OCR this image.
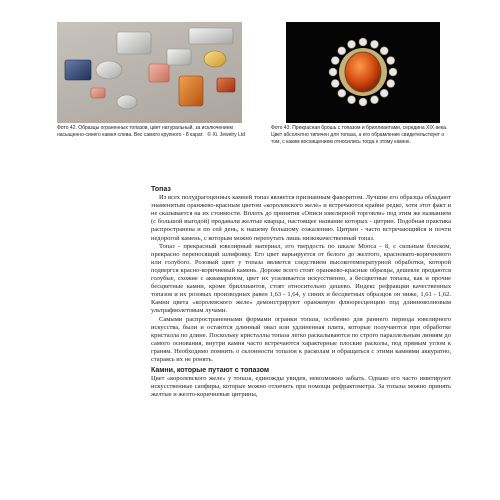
Фото 42. Образцы ограненных топазов, цвет натуральный, за исключением насыщенно-синего камня слева. Вес самого крупного - 8 карат. © Xi. Jewelry Ltd
Фото 43. Прекрасная брошь с топазом и бриллиантами, середина XIX века. Цвет абсолютно типичен для топаза, а его обрамление свидетельствует о том, с каким восхищением относились тогда к этому камню.
Топаз

Из всех полудрагоценных камней топаз является признанным фаворитом. Лучшие его образцы обладают знаменитым оранжево-красным цветом «королевского желе» и встречаются крайне редко, хотя этот факт и не сказывается на их стоимости. Вплоть до принятия «Описи ювелирной торговли» под этим же названием (с большой выгодой) продавали желтые кварцы, настоящее название которых - цитрин. Подобная практика распространена и по сей день, к нашему большому сожалению. Цитрин - часто встречающийся и почти недорогой камень, с которым можно перепутать лишь низкокачественный топаз.

Топаз - прекрасный ювелирный материал, его твердость по шкале Мооса - 8, с сильным блеском, прекрасно переносящий шлифовку. Его цвет варьируется от белого до желтого, красновато-коричневого или голубого. Розовый цвет у топаза является следствием высокотемпературной обработки, которой подвергся красно-коричневый камень. Дороже всего стоят оранжево-красные образцы, дешевле продаются голубые, схожие с аквамарином, цвет их усиливается искусственно, а бесцветные топазы, как и прочие бесцветные камни, кроме бриллиантов, стоят относительно дешево. Индекс рефракции качественных топазов и их розовых производных равен 1,63 - 1,64, у синих и бесцветных образцов он ниже, 1,61 - 1,62. Камни цвета «королевского желе» демонстрируют оранжевую флюоресценцию под длинноволновым ультрафиолетовым лучами.

Самыми распространенными формами огранки топаза, особенно для раннего периода ювелирного искусства, были и остаются длинный овал или удлиненная плита, которые получаются при обработке кристалла по длине. Поскольку кристаллы топаза легко раскалываются по строго параллельным линиям до самого основания, внутри камня часто встречаются характерные плоские расколы, под прямым углом к граням. Необходимо помнить о склонности топазов к расколам и обращаться с этими камнями аккуратно, стараясь их не ронять.

Камни, которые путают с топазом

Цвет «королевского желе» у топаза, единожды увидев, невозможно забыть. Однако его часто имитируют искусственные сапфиры, которые можно отличить при помощи рефрактометра. За топазы можно принять желтые и желто-коричневые цитрины,
